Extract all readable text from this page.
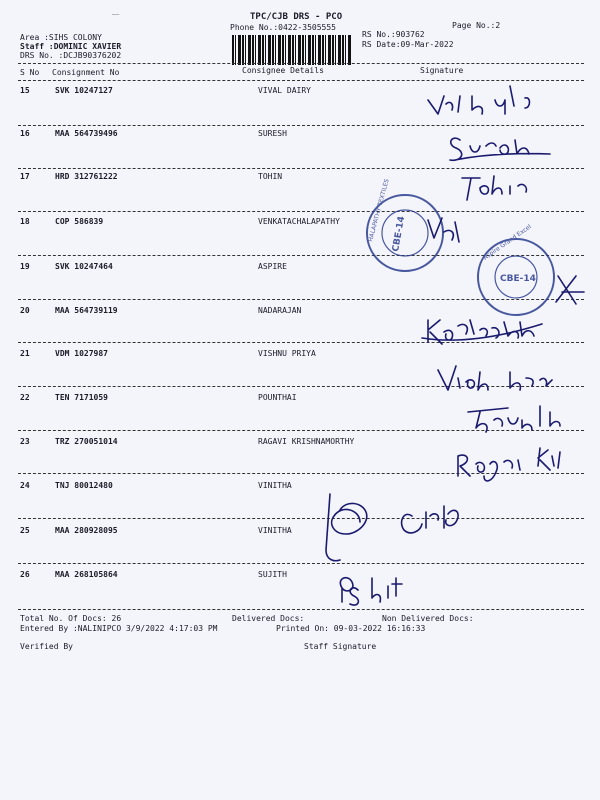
TPC/CJB DRS - PCO
Phone No.:0422-3505555	Page No.:2
Area :SIHS COLONY
Staff :DOMINIC XAVIER
DRS No. :DCJB90376202
——
RS No.:903762
RS Date:09-Mar-2022
S No Consignment No	Consignee Details	Signature
15	SVK 10247127	VIVAL DAIRY
16	MAA 564739496	SURESH
17	HRD 312761222	TOHIN
18	COP 586839	VENKATACHALAPATHY
19	SVK 10247464	ASPIRE
20	MAA 564739119	NADARAJAN
21	VDM 1027987	VISHNU PRIYA
22	TEN 7171059	POUNTHAI
23	TRZ 270051014	RAGAVI KRISHNAMORTHY
24	TNJ 80012480	VINITHA
25	MAA 280928095	VINITHA
26	MAA 268105864	SUJITH
Total No. Of Docs: 26	Delivered Docs:	Non Delivered Docs:
Entered By :NALINIPCO 3/9/2022 4:17:03 PM	Printed On: 09-03-2022 16:16:33
Verified By	Staff Signature
CBE-14
HALAPATHY TEXTILES
CBE-14
Aspire Grand Excel
